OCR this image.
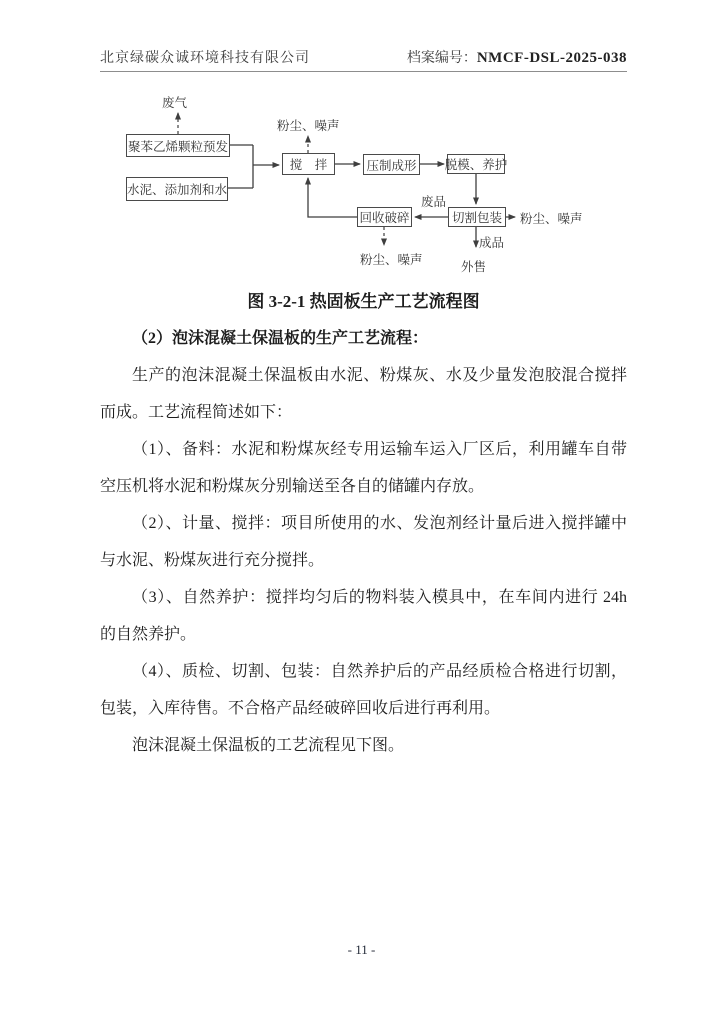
北京绿碳众诚环境科技有限公司	档案编号：NMCF-DSL-2025-038
聚苯乙烯颗粒预发
水泥、添加剂和水
搅　拌	压制成形 脱模、养护
切割包装
回收破碎
废气
粉尘、噪声
废品
粉尘、噪声
成品
外售
粉尘、噪声

图 3-2-1 热固板生产工艺流程图

（2）泡沫混凝土保温板的生产工艺流程：

生产的泡沫混凝土保温板由水泥、粉煤灰、水及少量发泡胶混合搅拌而成。工艺流程简述如下：

（1）、备料：水泥和粉煤灰经专用运输车运入厂区后，利用罐车自带空压机将水泥和粉煤灰分别输送至各自的储罐内存放。

（2）、计量、搅拌：项目所使用的水、发泡剂经计量后进入搅拌罐中与水泥、粉煤灰进行充分搅拌。

（3）、自然养护：搅拌均匀后的物料装入模具中，在车间内进行 24h 的自然养护。

（4）、质检、切割、包装：自然养护后的产品经质检合格进行切割，包装，入库待售。不合格产品经破碎回收后进行再利用。

泡沫混凝土保温板的工艺流程见下图。

- 11 -
